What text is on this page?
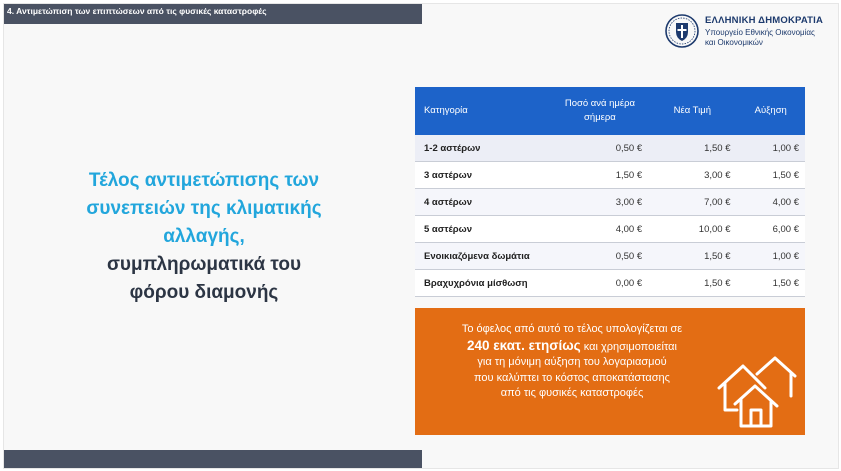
4. Αντιμετώπιση των επιπτώσεων από τις φυσικές καταστροφές
ΕΛΛΗΝΙΚΗ ΔΗΜΟΚΡΑΤΙΑ
Υπουργείο Εθνικής Οικονομίας
και Οικονομικών
Τέλος αντιμετώπισης των
συνεπειών της κλιματικής
αλλαγής,
συμπληρωματικά του
φόρου διαμονής
Κατηγορία	Ποσό ανά ημέρα σήμερα	Νέα Τιμή	Αύξηση
1-2 αστέρων	0,50 €	1,50 €	1,00 €
3 αστέρων	1,50 €	3,00 €	1,50 €
4 αστέρων	3,00 €	7,00 €	4,00 €
5 αστέρων	4,00 €	10,00 €	6,00 €
Ενοικιαζόμενα δωμάτια	0,50 €	1,50 €	1,00 €
Βραχυχρόνια μίσθωση	0,00 €	1,50 €	1,50 €
Το όφελος από αυτό το τέλος υπολογίζεται σε
240 εκατ. ετησίως και χρησιμοποιείται
για τη μόνιμη αύξηση του λογαριασμού
που καλύπτει το κόστος αποκατάστασης
από τις φυσικές καταστροφές
